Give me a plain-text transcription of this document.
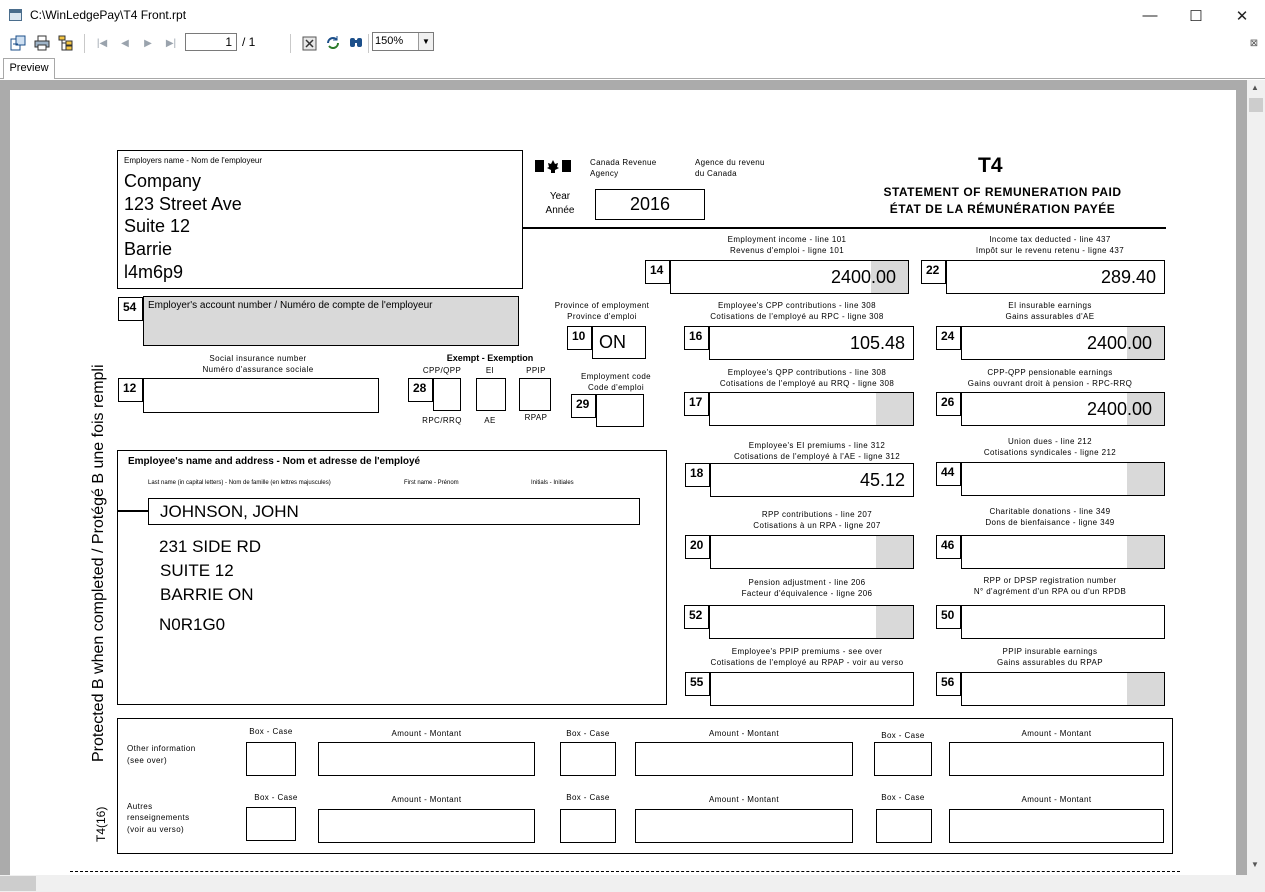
C:\WinLedgePay\T4 Front.rpt	—	☐	✕
|◀	◀	▶	▶|	⊠
1 / 1	150%	▼
Preview
Protected B when completed / Protégé B une fois rempli
T4(16)
Employers name - Nom de l'employeur
Company
123 Street Ave
Suite 12
Barrie
l4m6p9
Canada Revenue
Agency
Agence du revenu
du Canada	T4
STATEMENT OF REMUNERATION PAID
ÉTAT DE LA RÉMUNÉRATION PAYÉE
Year
Année	2016
54	Employer's account number / Numéro de compte de l'employeur	Province of employment
Province d'emploi
10 ON
Social insurance number
Numéro d'assurance sociale
12
Exempt - Exemption
CPP/QPP	EI	PPIP
28
RPC/RRQ	AE	RPAP
Employment code
Code d'emploi
29
Employee's name and address - Nom et adresse de l'employé
Last name (in capital letters) - Nom de famille (en lettres majuscules)	First name - Prénom	Initials - Initiales
JOHNSON, JOHN
231 SIDE RD
SUITE 12
BARRIE ON
N0R1G0
Employment income - line 101
Revenus d'emploi - ligne 101
14	2400 .00
Employee's CPP contributions - line 308
Cotisations de l'employé au RPC - ligne 308
16	105.48
Employee's QPP contributions - line 308
Cotisations de l'employé au RRQ - ligne 308
17
Employee's EI premiums - line 312
Cotisations de l'employé à l'AE - ligne 312
18	45.12
RPP contributions - line 207
Cotisations à un RPA - ligne 207
20
Pension adjustment - line 206
Facteur d'équivalence - ligne 206
52
Employee's PPIP premiums - see over
Cotisations de l'employé au RPAP - voir au verso
55
Income tax deducted - line 437
Impôt sur le revenu retenu - ligne 437
22	289.40
EI insurable earnings
Gains assurables d'AE
24	2400 .00
CPP-QPP pensionable earnings
Gains ouvrant droit à pension - RPC-RRQ
26	2400 .00
Union dues - line 212
Cotisations syndicales - ligne 212
44
Charitable donations - line 349
Dons de bienfaisance - ligne 349
46
RPP or DPSP registration number
N° d'agrément d'un RPA ou d'un RPDB
50
PPIP insurable earnings
Gains assurables du RPAP
56
Other information
(see over)
Autres
renseignements
(voir au verso)
Box - Case	Amount - Montant	Box - Case	Amount - Montant	Box - Case	Amount - Montant
Box - Case	Amount - Montant	Box - Case	Amount - Montant	Box - Case	Amount - Montant
▲
▼
